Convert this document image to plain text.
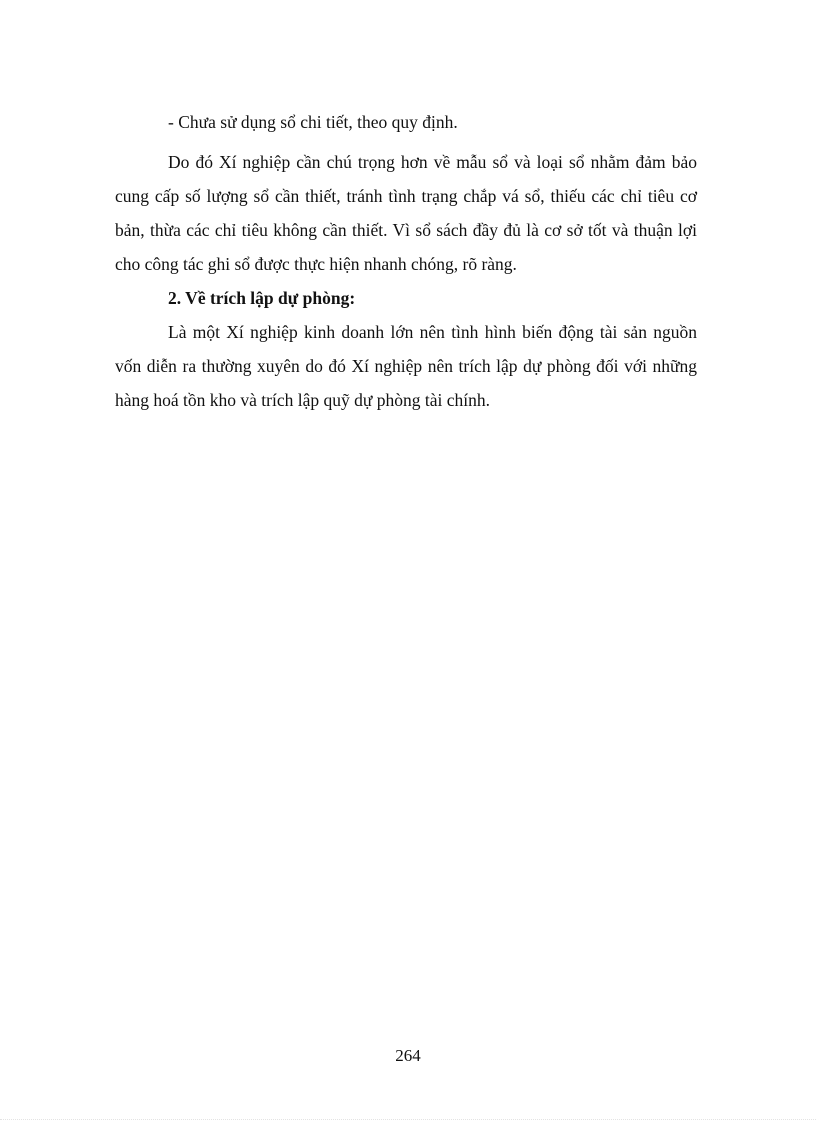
- Chưa sử dụng sổ chi tiết, theo quy định.

Do đó Xí nghiệp cần chú trọng hơn về mẫu sổ và loại sổ nhằm đảm bảo cung cấp số lượng sổ cần thiết, tránh tình trạng chắp vá sổ, thiếu các chỉ tiêu cơ bản, thừa các chỉ tiêu không cần thiết. Vì sổ sách đầy đủ là cơ sở tốt và thuận lợi cho công tác ghi sổ được thực hiện nhanh chóng, rõ ràng.

2. Về trích lập dự phòng:

Là một Xí nghiệp kinh doanh lớn nên tình hình biến động tài sản nguồn vốn diễn ra thường xuyên do đó Xí nghiệp nên trích lập dự phòng đối với những hàng hoá tồn kho và trích lập quỹ dự phòng tài chính.

264
